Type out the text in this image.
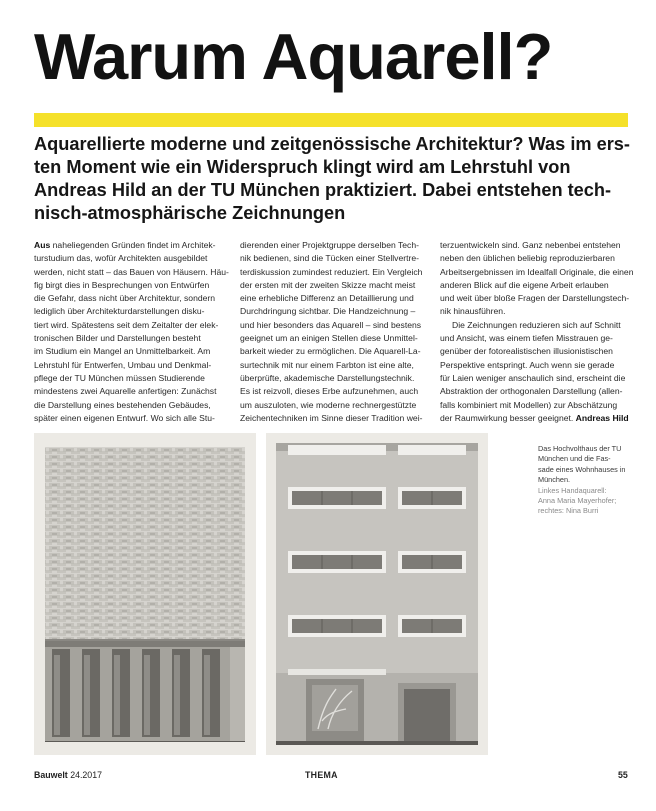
Warum Aquarell?
Aquarellierte moderne und zeitgenössische Architektur? Was im ers-
ten Moment wie ein Widerspruch klingt wird am Lehrstuhl von
Andreas Hild an der TU München praktiziert. Dabei entstehen tech-
nisch-atmosphärische Zeichnungen
Aus naheliegenden Gründen findet im Architek-
turstudium das, wofür Architekten ausgebildet
werden, nicht statt – das Bauen von Häusern. Häu-
fig birgt dies in Besprechungen von Entwürfen
die Gefahr, dass nicht über Architektur, sondern
lediglich über Architekturdarstellungen disku-
tiert wird. Spätestens seit dem Zeitalter der elek-
tronischen Bilder und Darstellungen besteht
im Studium ein Mangel an Unmittelbarkeit. Am
Lehrstuhl für Entwerfen, Umbau und Denkmal-
pflege der TU München müssen Studierende
mindestens zwei Aquarelle anfertigen: Zunächst
die Darstellung eines bestehenden Gebäudes,
später einen eigenen Entwurf. Wo sich alle Stu-
dierenden einer Projektgruppe derselben Tech-
nik bedienen, sind die Tücken einer Stellvertre-
terdiskussion zumindest reduziert. Ein Vergleich
der ersten mit der zweiten Skizze macht meist
eine erhebliche Differenz an Detaillierung und
Durchdringung sichtbar. Die Handzeichnung –
und hier besonders das Aquarell – sind bestens
geeignet um an einigen Stellen diese Unmittel-
barkeit wieder zu ermöglichen. Die Aquarell-La-
surtechnik mit nur einem Farbton ist eine alte,
überprüfte, akademische Darstellungstechnik.
Es ist reizvoll, dieses Erbe aufzunehmen, auch
um auszuloten, wie moderne rechnergestützte
Zeichentechniken im Sinne dieser Tradition wei-
terzuentwickeln sind. Ganz nebenbei entstehen
neben den üblichen beliebig reproduzierbaren
Arbeitsergebnissen im Idealfall Originale, die einen
anderen Blick auf die eigene Arbeit erlauben
und weit über bloße Fragen der Darstellungstech-
nik hinausführen.
Die Zeichnungen reduzieren sich auf Schnitt
und Ansicht, was einem tiefen Misstrauen ge-
genüber der fotorealistischen illusionistischen
Perspektive entspringt. Auch wenn sie gerade
für Laien weniger anschaulich sind, erscheint die
Abstraktion der orthogonalen Darstellung (allen-
falls kombiniert mit Modellen) zur Abschätzung
der Raumwirkung besser geeignet. Andreas Hild
Das Hochvolthaus der TU
München und die Fas-
sade eines Wohnhauses in
München.
Linkes Handaquarell:
Anna Maria Mayerhofer;
rechtes: Nina Burri
Bauwelt 24.2017	THEMA	55
